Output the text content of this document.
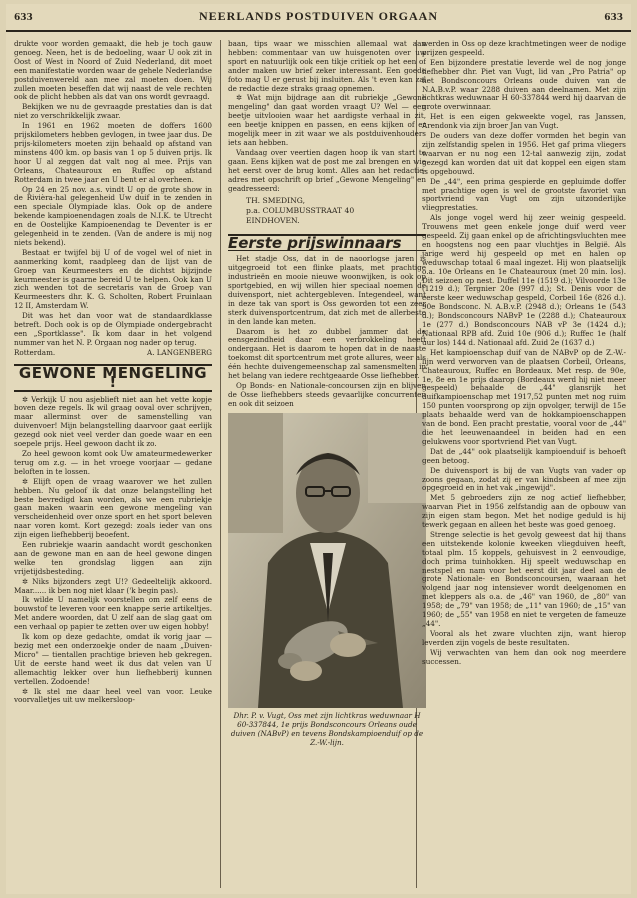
633	NEERLANDS POSTDUIVEN ORGAAN	633

drukte voor worden gemaakt, die heb je toch gauw genoeg. Neen, het is de bedoeling, waar U ook zit in Oost of West in Noord of Zuid Nederland, dit moet een manifestatie worden waar de gehele Nederlandse postduivenwereld aan mee zal moeten doen. Wij zullen moeten beseffen dat wij naast de vele rechten ook de plicht hebben als dat van ons wordt gevraagd.

Bekijken we nu de gevraagde prestaties dan is dat niet zo verschrikkelijk zwaar.

In 1961 en 1962 moeten de doffers 1600 prijskilometers hebben gevlogen, in twee jaar dus. De prijs-kilometers moeten zijn behaald op afstand van minstens 400 km. op basis van 1 op 5 duiven prijs. Ik hoor U al zeggen dat valt nog al mee. Prijs van Orleans, Chateauroux en Ruffec op afstand Rotterdam in twee jaar en U bent er al overheen.

Op 24 en 25 nov. a.s. vindt U op de grote show in de Rivièra-hal gelegenheid Uw duif in te zenden in een speciale Olympiade klas. Ook op de andere bekende kampioenendagen zoals de N.I.K. te Utrecht en de Oostelijke Kampioenendag te Deventer is er gelegenheid in te zenden. (Van de andere is mij nog niets bekend).

Bestaat er twijfel bij U of de vogel wel of niet in aanmerking komt, raadpleeg dan de lijst van de Groep van Keurmeesters en de dichtst bijzijnde keurmeester is gaarne bereid U te helpen. Ook kan U zich wenden tot de secretaris van de Groep van Keurmeesters dhr. K. G. Scholten, Robert Fruinlaan 12 II, Amsterdam W.

Dit was het dan voor wat de standaardklasse betreft. Doch ook is op de Olympiade ondergebracht een „Sportklasse". Ik kom daar in het volgend nummer van het N. P. Orgaan nog nader op terug.

Rotterdam.	A. LANGENBERG
GEWONE MENGELING !

✲ Verkijk U nou asjeblieft niet aan het vette kopje boven deze regels. Ik wil graag ooval over schrijven, maar allerminst over de samenstelling van duivenvoer! Mijn belangstelling daarvoor gaat eerlijk gezegd ook niet veel verder dan goede waar en een soepele prijs. Heel gewoon dacht ik zo.

Zo heel gewoon komt ook Uw amateurmedewerker terug om z.g. — in het vroege voorjaar — gedane beloften in te lossen.

✲ Elijft open de vraag waarover we het zullen hebben. Nu geloof ik dat onze belangstelling het beste bevredigd kan worden, als we een rubriekje gaan maken waarin een gewone mengeling van verscheidenheid over onze sport en het sport beleven naar voren komt. Kort gezegd: zoals ieder van ons zijn eigen liefhebberij beoefent.

Een rubriekje waarin aandacht wordt geschonken aan de gewone man en aan de heel gewone dingen welke ten grondslag liggen aan zijn vrijetijdsbesteding.

✲ Niks bijzonders zegt U!? Gedeeltelijk akkoord. Maar...... ik ben nog niet klaar ('k begin pas).

Ik wilde U namelijk voorstellen om zelf eens de bouwstof te leveren voor een knappe serie artikeltjes. Met andere woorden, dat U zelf aan de slag gaat om een verhaal op papier te zetten over uw eigen hobby!

Ik kom op deze gedachte, omdat ik vorig jaar — bezig met een onderzoekje onder de naam „Duiven-Micro" — tientallen prachtige brieven heb gekregen. Uit de eerste hand weet ik dus dat velen van U allemachtig lekker over hun liefhebberij kunnen vertellen. Zodoende!

✲ Ik stel me daar heel veel van voor. Leuke voorvalletjes uit uw melkersloop-

baan, tips waar we misschien allemaal wat aan hebben: commentaar van uw huisgenoten over uw sport en natuurlijk ook een tikje critiek op het een of ander maken uw brief zeker interessant. Een goede foto mag U er gerust bij insluiten. Als 't even kan zal de redactie deze straks graag opnemen.

✲ Wat mijn bijdrage aan dit rubriekje „Gewone mengeling" dan gaat worden vraagt U? Wel — een beetje uitvlooien waar het aardigste verhaal in zit, een beetje knippen en passen, en eens kijken of er mogelijk meer in zit waar we als postduivenhouders iets aan hebben.

Vandaag over veertien dagen hoop ik van start te gaan. Eens kijken wat de post me zal brengen en wie het eerst over de brug komt. Alles aan het redactie-adres met opschrift op brief „Gewone Mengeling" en geadresseerd:

TH. SMEDING,
p.a. COLUMBUSSTRAAT 40
EINDHOVEN.
Eerste prijswinnaars

Het stadje Oss, dat in de naoorlogse jaren is uitgegroeid tot een flinke plaats, met prachtige industrieën en mooie nieuwe woonwijken, is ook op sportgebied, en wij willen hier speciaal noemen de duivensport, niet achtergebleven. Integendeel, want in deze tak van sport is Oss geworden tot een zeer sterk duivensportcentrum, dat zich met de allerbeste in den lande kan meten.

Daarom is het zo dubbel jammer dat de eensgezindheid daar een verbrokkeling heeft ondergaan. Het is daarom te hopen dat in de naaste toekomst dit sportcentrum met grote allures, weer als één hechte duivengemeenschap zal samensmelten in het belang van iedere rechtgeaarde Osse liefhebber.

Op Bonds- en Nationale-concoursen zijn en blijven de Osse liefhebbers steeds gevaarlijke concurrenten en ook dit seizoen

Dhr. P. v. Vugt, Oss met zijn lichtkras weduwnaar H 60-337844, 1e prijs Bondsconcours Orleans oude duiven (NABvP) en tevens Bondskampioenduif op de Z.-W.-lijn.

werden in Oss op deze krachtmetingen weer de nodige prijzen gespeeld.

Een bijzondere prestatie leverde wel de nog jonge liefhebber dhr. Piet van Vugt, lid van „Pro Patria" op het Bondsconcours Orleans oude duiven van de N.A.B.v.P. waar 2288 duiven aan deelnamen. Met zijn lichtkras weduwnaar H 60-337844 werd hij daarvan de grote overwinnaar.

Het is een eigen gekweekte vogel, ras Janssen, Arendonk via zijn broer Jan van Vugt.

De ouders van deze doffer vormden het begin van zijn zelfstandig spelen in 1956. Het gaf prima vliegers waarvan er nu nog een 12-tal aanwezig zijn, zodat gezegd kan worden dat uit dat koppel een eigen stam is opgebouwd.

De „44", een prima gespierde en gepluimde doffer met prachtige ogen is wel de grootste favoriet van sportvriend van Vugt om zijn uitzonderlijke vliegprestaties.

Als jonge vogel werd hij zeer weinig gespeeld. Trouwens met geen enkele jonge duif werd veer gespeeld. Zij gaan enkel op de africhtingsvluchten mee en hoogstens nog een paar vluchtjes in België. Als jarige werd hij gespeeld op met en halen op weduwschap totaal 6 maal ingezet. Hij won plaatselijk o.a. 10e Orleans en 1e Chateauroux (met 20 min. los). Dit seizoen op nest. Duffel 11e (1519 d.); Vilvoorde 13e (1219 d.); Tergnier 20e (997 d.); St. Denis voor de eerste keer weduwschap gespeld, Corbeil 16e (826 d.). 90e Bondsconc. N. A.B.v.P. (2948 d.); Orleans 1e (543 d.); Bondsconcours NABvP 1e (2288 d.); Chateauroux 1e (277 d.) Bondsconcours NAB vP 3e (1424 d.); Nationaal RPB afd. Zuid 10e (906 d.); Ruffec 1e (half uur los) 144 d. Nationaal afd. Zuid 2e (1637 d.)

Het kampioenschap duif van de NABvP op de Z.-W.-lijn werd verworven van de plaatsen Corbeil, Orleans, Chateauroux, Ruffec en Bordeaux. Met resp. de 90e, 1e, 8e en 1e prijs daarop (Bordeaux werd hij niet meer gespeeld) behaalde de „44" glansrijk het duifkampioenschap met 1917,52 punten met nog ruim 150 punten voorsprong op zijn opvolger, terwijl de 15e plaats behaalde werd van de hokkampioenschappen van de bond. Een pracht prestatie, vooral voor de „44" die het leeuwenaandeel in beiden had en een gelukwens voor sportvriend Piet van Vugt.

Dat de „44" ook plaatselijk kampioenduif is behoeft geen betoog.

De duivensport is bij de van Vugts van vader op zoons gegaan, zodat zij er van kindsbeen af mee zijn opgegroeid en in het vak „ingewijd".

Met 5 gebroeders zijn ze nog actief liefhebber, waarvan Piet in 1956 zelfstandig aan de opbouw van zijn eigen stam begon. Met het nodige geduld is hij tewerk gegaan en alleen het beste was goed genoeg.

Strenge selectie is het gevolg geweest dat hij thans een uitstekende kolonie kweeken vliegduiven heeft, totaal plm. 15 koppels, gehuisvest in 2 eenvoudige, doch prima tuinhokken. Hij speelt weduwschap en nestspel en nam voor het eerst dit jaar deel aan de grote Nationale- en Bondsconcoursen, waaraan het volgend jaar nog intensiever wordt deelgenomen en met kleppers als o.a. de „46" van 1960, de „80" van 1958; de „79" van 1958; de „11" van 1960; de „15" van 1960; de „55" van 1958 en niet te vergeten de fameuze „44".

Vooral als het zware vluchten zijn, want hierop leverden zijn vogels de beste resultaten.

Wij verwachten van hem dan ook nog meerdere successen.
